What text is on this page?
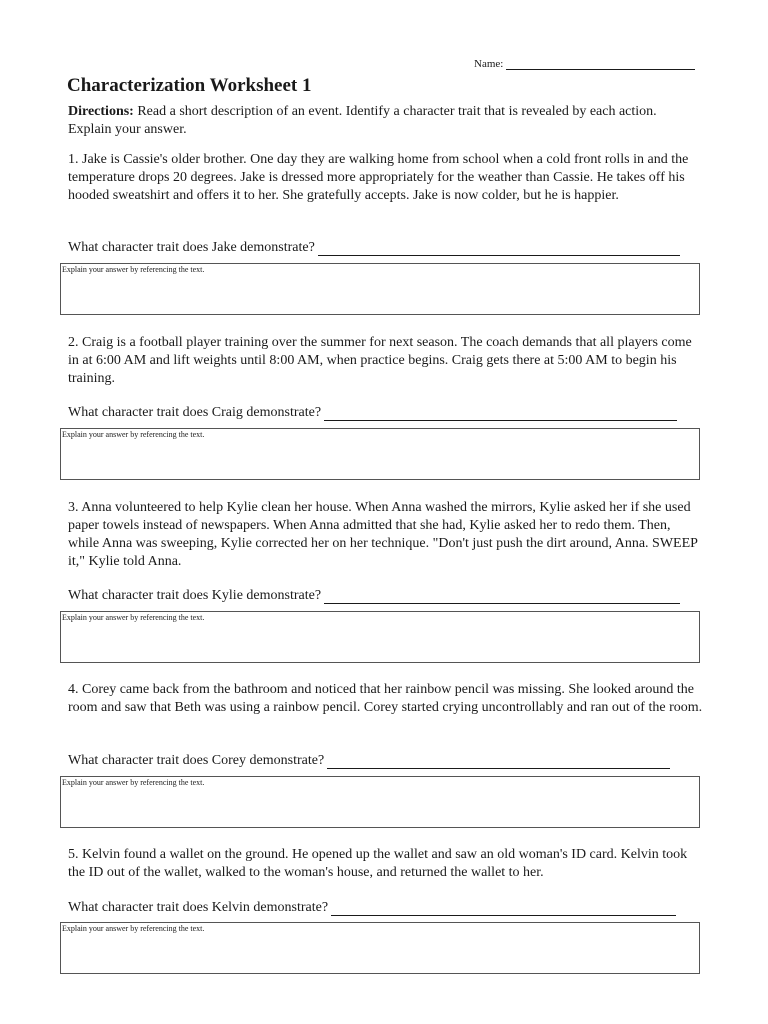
Name:
Characterization Worksheet 1

Directions: Read a short description of an event. Identify a character trait that is revealed by each action. Explain your answer.

1. Jake is Cassie's older brother. One day they are walking home from school when a cold front rolls in and the temperature drops 20 degrees. Jake is dressed more appropriately for the weather than Cassie. He takes off his hooded sweatshirt and offers it to her. She gratefully accepts. Jake is now colder, but he is happier.

What character trait does Jake demonstrate?
Explain your answer by referencing the text.

2. Craig is a football player training over the summer for next season. The coach demands that all players come in at 6:00 AM and lift weights until 8:00 AM, when practice begins. Craig gets there at 5:00 AM to begin his training.

What character trait does Craig demonstrate?
Explain your answer by referencing the text.

3. Anna volunteered to help Kylie clean her house. When Anna washed the mirrors, Kylie asked her if she used paper towels instead of newspapers. When Anna admitted that she had, Kylie asked her to redo them. Then, while Anna was sweeping, Kylie corrected her on her technique. "Don't just push the dirt around, Anna. SWEEP it," Kylie told Anna.

What character trait does Kylie demonstrate?
Explain your answer by referencing the text.

4. Corey came back from the bathroom and noticed that her rainbow pencil was missing. She looked around the room and saw that Beth was using a rainbow pencil. Corey started crying uncontrollably and ran out of the room.

What character trait does Corey demonstrate?
Explain your answer by referencing the text.

5. Kelvin found a wallet on the ground. He opened up the wallet and saw an old woman's ID card. Kelvin took the ID out of the wallet, walked to the woman's house, and returned the wallet to her.

What character trait does Kelvin demonstrate?
Explain your answer by referencing the text.
